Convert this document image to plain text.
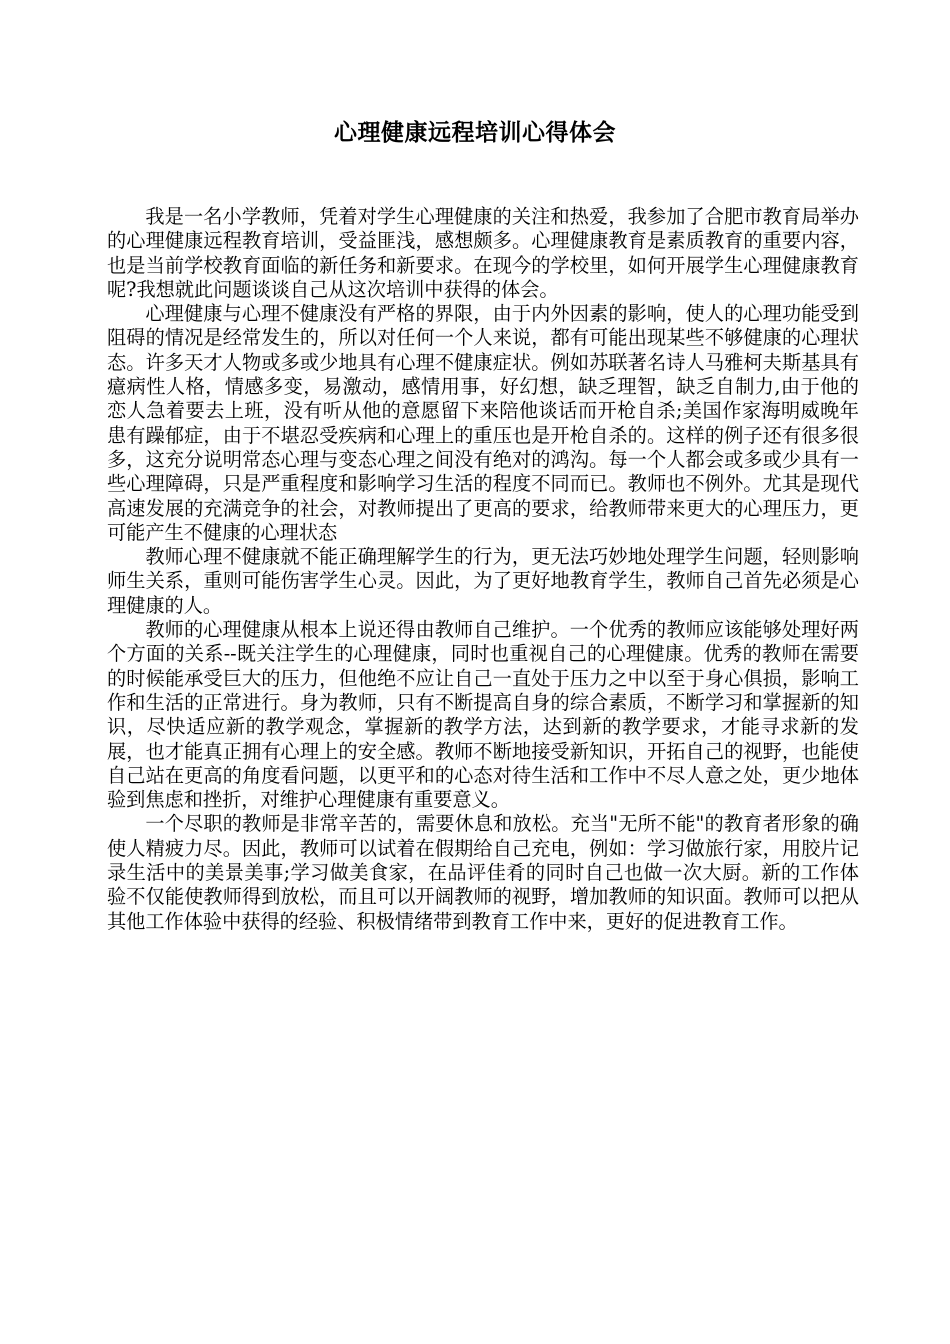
心理健康远程培训心得体会

我是一名小学教师，凭着对学生心理健康的关注和热爱，我参加了合肥市教育局举办的心理健康远程教育培训，受益匪浅，感想颇多。心理健康教育是素质教育的重要内容，也是当前学校教育面临的新任务和新要求。在现今的学校里，如何开展学生心理健康教育呢?我想就此问题谈谈自己从这次培训中获得的体会。

心理健康与心理不健康没有严格的界限，由于内外因素的影响，使人的心理功能受到阻碍的情况是经常发生的，所以对任何一个人来说，都有可能出现某些不够健康的心理状态。许多天才人物或多或少地具有心理不健康症状。例如苏联著名诗人马雅柯夫斯基具有癔病性人格，情感多变，易激动，感情用事，好幻想，缺乏理智，缺乏自制力,由于他的恋人急着要去上班，没有听从他的意愿留下来陪他谈话而开枪自杀;美国作家海明威晚年患有躁郁症，由于不堪忍受疾病和心理上的重压也是开枪自杀的。这样的例子还有很多很多，这充分说明常态心理与变态心理之间没有绝对的鸿沟。每一个人都会或多或少具有一些心理障碍，只是严重程度和影响学习生活的程度不同而已。教师也不例外。尤其是现代高速发展的充满竞争的社会，对教师提出了更高的要求，给教师带来更大的心理压力，更可能产生不健康的心理状态

教师心理不健康就不能正确理解学生的行为，更无法巧妙地处理学生问题，轻则影响师生关系，重则可能伤害学生心灵。因此，为了更好地教育学生，教师自己首先必须是心理健康的人。

教师的心理健康从根本上说还得由教师自己维护。一个优秀的教师应该能够处理好两个方面的关系--既关注学生的心理健康，同时也重视自己的心理健康。优秀的教师在需要的时候能承受巨大的压力，但他绝不应让自己一直处于压力之中以至于身心俱损，影响工作和生活的正常进行。身为教师，只有不断提高自身的综合素质，不断学习和掌握新的知识，尽快适应新的教学观念，掌握新的教学方法，达到新的教学要求，才能寻求新的发展，也才能真正拥有心理上的安全感。教师不断地接受新知识，开拓自己的视野，也能使自己站在更高的角度看问题，以更平和的心态对待生活和工作中不尽人意之处，更少地体验到焦虑和挫折，对维护心理健康有重要意义。

一个尽职的教师是非常辛苦的，需要休息和放松。充当"无所不能"的教育者形象的确使人精疲力尽。因此，教师可以试着在假期给自己充电，例如：学习做旅行家，用胶片记录生活中的美景美事;学习做美食家，在品评佳肴的同时自己也做一次大厨。新的工作体验不仅能使教师得到放松，而且可以开阔教师的视野，增加教师的知识面。教师可以把从其他工作体验中获得的经验、积极情绪带到教育工作中来，更好的促进教育工作。
